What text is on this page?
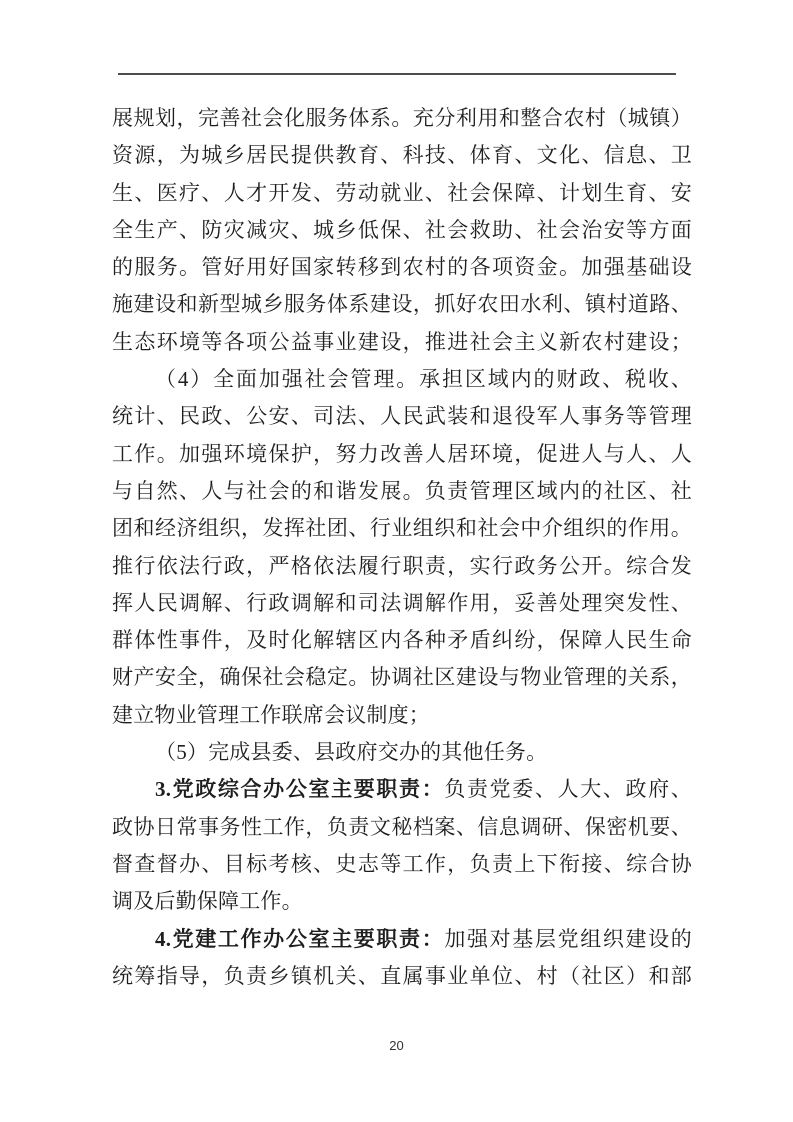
展规划，完善社会化服务体系。充分利用和整合农村（城镇）
资源，为城乡居民提供教育、科技、体育、文化、信息、卫
生、医疗、人才开发、劳动就业、社会保障、计划生育、安
全生产、防灾减灾、城乡低保、社会救助、社会治安等方面
的服务。管好用好国家转移到农村的各项资金。加强基础设
施建设和新型城乡服务体系建设，抓好农田水利、镇村道路、
生态环境等各项公益事业建设，推进社会主义新农村建设；
（4）全面加强社会管理。承担区域内的财政、税收、
统计、民政、公安、司法、人民武装和退役军人事务等管理
工作。加强环境保护，努力改善人居环境，促进人与人、人
与自然、人与社会的和谐发展。负责管理区域内的社区、社
团和经济组织，发挥社团、行业组织和社会中介组织的作用。
推行依法行政，严格依法履行职责，实行政务公开。综合发
挥人民调解、行政调解和司法调解作用，妥善处理突发性、
群体性事件，及时化解辖区内各种矛盾纠纷，保障人民生命
财产安全，确保社会稳定。协调社区建设与物业管理的关系，
建立物业管理工作联席会议制度；
（5）完成县委、县政府交办的其他任务。
3.党政综合办公室主要职责：负责党委、人大、政府、
政协日常事务性工作，负责文秘档案、信息调研、保密机要、
督查督办、目标考核、史志等工作，负责上下衔接、综合协
调及后勤保障工作。
4.党建工作办公室主要职责：加强对基层党组织建设的
统筹指导，负责乡镇机关、直属事业单位、村（社区）和部
20
